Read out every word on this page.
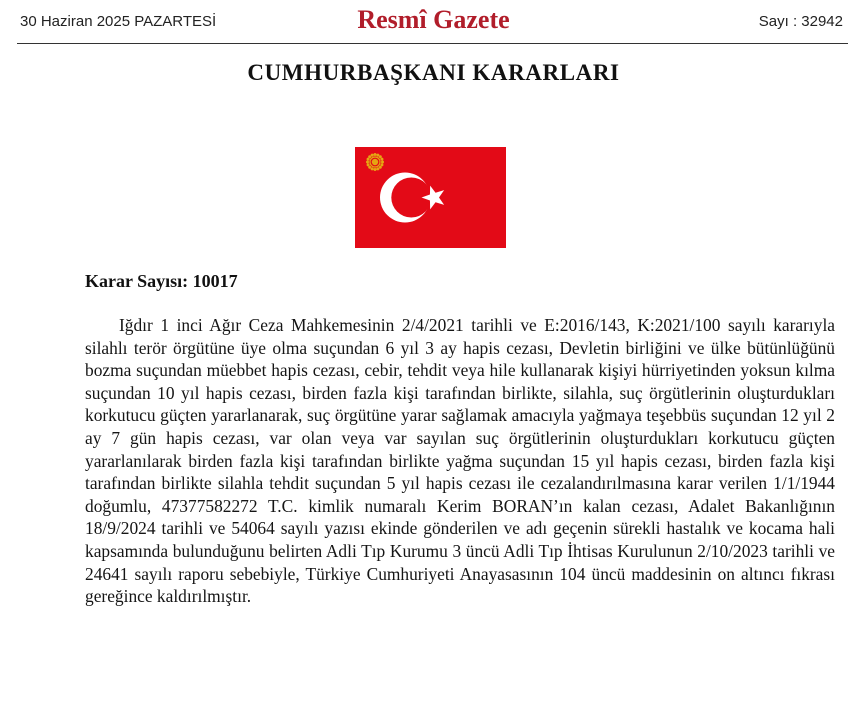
30 Haziran 2025 PAZARTESİ	Resmî Gazete	Sayı : 32942
CUMHURBAŞKANI KARARLARI
Karar Sayısı: 10017

Iğdır 1 inci Ağır Ceza Mahkemesinin 2/4/2021 tarihli ve E:2016/143, K:2021/100 sayılı kararıyla silahlı terör örgütüne üye olma suçundan 6 yıl 3 ay hapis cezası, Devletin birliğini ve ülke bütünlüğünü bozma suçundan müebbet hapis cezası, cebir, tehdit veya hile kullanarak kişiyi hürriyetinden yoksun kılma suçundan 10 yıl hapis cezası, birden fazla kişi tarafından birlikte, silahla, suç örgütlerinin oluşturdukları korkutucu güçten yararlanarak, suç örgütüne yarar sağlamak amacıyla yağmaya teşebbüs suçundan 12 yıl 2 ay 7 gün hapis cezası, var olan veya var sayılan suç örgütlerinin oluşturdukları korkutucu güçten yararlanılarak birden fazla kişi tarafından birlikte yağma suçundan 15 yıl hapis cezası, birden fazla kişi tarafından birlikte silahla tehdit suçundan 5 yıl hapis cezası ile cezalandırılmasına karar verilen 1/1/1944 doğumlu, 47377582272 T.C. kimlik numaralı Kerim BORAN’ın kalan cezası, Adalet Bakanlığının 18/9/2024 tarihli ve 54064 sayılı yazısı ekinde gönderilen ve adı geçenin sürekli hastalık ve kocama hali kapsamında bulunduğunu belirten Adli Tıp Kurumu 3 üncü Adli Tıp İhtisas Kurulunun 2/10/2023 tarihli ve 24641 sayılı raporu sebebiyle, Türkiye Cumhuriyeti Anayasasının 104 üncü maddesinin on altıncı fıkrası gereğince kaldırılmıştır.
